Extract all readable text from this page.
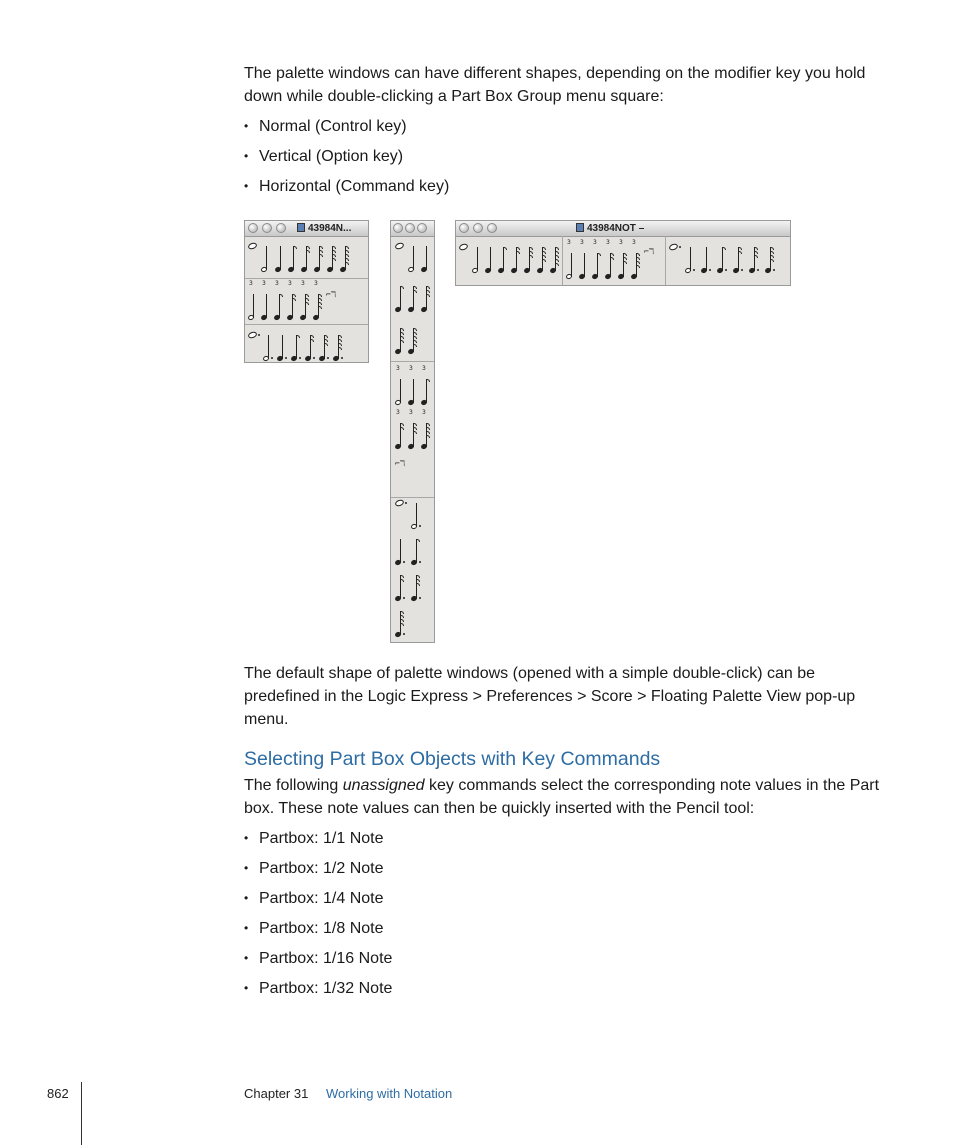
The palette windows can have different shapes, depending on the modifier key you hold down while double-clicking a Part Box Group menu square:
• Normal (Control key)
• Vertical (Option key)
• Horizontal (Command key)
43984N...
3 3 3 3 3 3
⌐ℸ
3 3 3
3 3 3
⌐ℸ
43984NOT –
3 3 3 3 3 3
⌐ℸ
The default shape of palette windows (opened with a simple double-click) can be predefined in the Logic Express > Preferences > Score > Floating Palette View pop-up menu.
Selecting Part Box Objects with Key Commands
The following unassigned key commands select the corresponding note values in the Part box. These note values can then be quickly inserted with the Pencil tool:
• Partbox: 1/1 Note
• Partbox: 1/2 Note
• Partbox: 1/4 Note
• Partbox: 1/8 Note
• Partbox: 1/16 Note
• Partbox: 1/32 Note
862	Chapter 31 Working with Notation
